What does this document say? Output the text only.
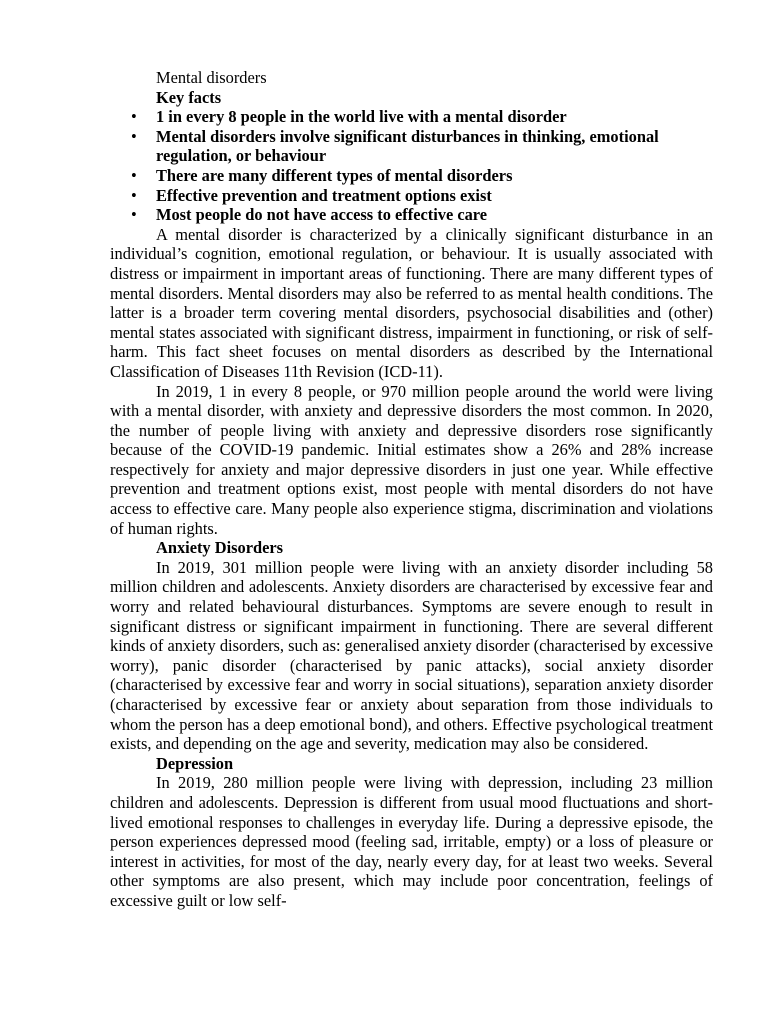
Mental disorders

Key facts

• 1 in every 8 people in the world live with a mental disorder
• Mental disorders involve significant disturbances in thinking, emotional regulation, or behaviour
• There are many different types of mental disorders
• Effective prevention and treatment options exist
• Most people do not have access to effective care

A mental disorder is characterized by a clinically significant disturbance in an individual’s cognition, emotional regulation, or behaviour. It is usually associated with distress or impairment in important areas of functioning. There are many different types of mental disorders. Mental disorders may also be referred to as mental health conditions. The latter is a broader term covering mental disorders, psychosocial disabilities and (other) mental states associated with significant distress, impairment in functioning, or risk of self-harm. This fact sheet focuses on mental disorders as described by the International Classification of Diseases 11th Revision (ICD-11).

In 2019, 1 in every 8 people, or 970 million people around the world were living with a mental disorder, with anxiety and depressive disorders the most common. In 2020, the number of people living with anxiety and depressive disorders rose significantly because of the COVID-19 pandemic. Initial estimates show a 26% and 28% increase respectively for anxiety and major depressive disorders in just one year. While effective prevention and treatment options exist, most people with mental disorders do not have access to effective care. Many people also experience stigma, discrimination and violations of human rights.

Anxiety Disorders

In 2019, 301 million people were living with an anxiety disorder including 58 million children and adolescents. Anxiety disorders are characterised by excessive fear and worry and related behavioural disturbances. Symptoms are severe enough to result in significant distress or significant impairment in functioning. There are several different kinds of anxiety disorders, such as: generalised anxiety disorder (characterised by excessive worry), panic disorder (characterised by panic attacks), social anxiety disorder (characterised by excessive fear and worry in social situations), separation anxiety disorder (characterised by excessive fear or anxiety about separation from those individuals to whom the person has a deep emotional bond), and others. Effective psychological treatment exists, and depending on the age and severity, medication may also be considered.

Depression

In 2019, 280 million people were living with depression, including 23 million children and adolescents. Depression is different from usual mood fluctuations and short-lived emotional responses to challenges in everyday life. During a depressive episode, the person experiences depressed mood (feeling sad, irritable, empty) or a loss of pleasure or interest in activities, for most of the day, nearly every day, for at least two weeks. Several other symptoms are also present, which may include poor concentration, feelings of excessive guilt or low self-
